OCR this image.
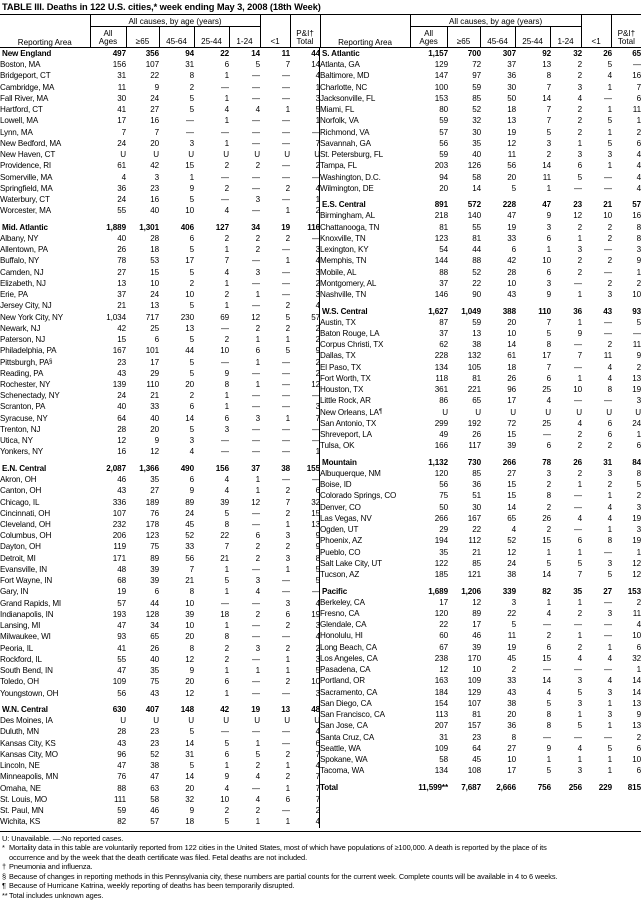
TABLE III. Deaths in 122 U.S. cities,* week ending May 3, 2008 (18th Week)
	All causes, by age (years)								All causes, by age (years)						
Reporting Area	All
Ages	≥65	45-64	25-44	1-24	<1	P&I†
Total	Reporting Area	All
Ages	≥65	45-64	25-44	1-24	<1	P&I†
Total
New England	497	356	94	22	14	11	44
Boston, MA	156	107	31	6	5	7	14
Bridgeport, CT	31	22	8	1	—	—	4
Cambridge, MA	11	9	2	—	—	—	1
Fall River, MA	30	24	5	1	—	—	3
Hartford, CT	41	27	5	4	4	1	5
Lowell, MA	17	16	—	1	—	—	1
Lynn, MA	7	7	—	—	—	—	—
New Bedford, MA	24	20	3	1	—	—	7
New Haven, CT	U	U	U	U	U	U	U
Providence, RI	61	42	15	2	2	—	2
Somerville, MA	4	3	1	—	—	—	—
Springfield, MA	36	23	9	2	—	2	4
Waterbury, CT	24	16	5	—	3	—	1
Worcester, MA	55	40	10	4	—	1	2

Mid. Atlantic	1,889	1,301	406	127	34	19	116
Albany, NY	40	28	6	2	2	2	—
Allentown, PA	26	18	5	1	2	—	3
Buffalo, NY	78	53	17	7	—	1	4
Camden, NJ	27	15	5	4	3	—	3
Elizabeth, NJ	13	10	2	1	—	—	2
Erie, PA	37	24	10	2	1	—	3
Jersey City, NJ	21	13	5	1	—	2	4
New York City, NY	1,034	717	230	69	12	5	57
Newark, NJ	42	25	13	—	2	2	2
Paterson, NJ	15	6	5	2	1	1	2
Philadelphia, PA	167	101	44	10	6	5	9
Pittsburgh, PA§	23	17	5	—	1	—	2
Reading, PA	43	29	5	9	—	—	2
Rochester, NY	139	110	20	8	1	—	12
Schenectady, NY	24	21	2	1	—	—	—
Scranton, PA	40	33	6	1	—	—	3
Syracuse, NY	64	40	14	6	3	1	7
Trenton, NJ	28	20	5	3	—	—	—
Utica, NY	12	9	3	—	—	—	—
Yonkers, NY	16	12	4	—	—	—	1

E.N. Central	2,087	1,366	490	156	37	38	155
Akron, OH	46	35	6	4	1	—	—
Canton, OH	43	27	9	4	1	2	6
Chicago, IL	336	189	89	39	12	7	32
Cincinnati, OH	107	76	24	5	—	2	15
Cleveland, OH	232	178	45	8	—	1	13
Columbus, OH	206	123	52	22	6	3	9
Dayton, OH	119	75	33	7	2	2	9
Detroit, MI	171	89	56	21	2	3	8
Evansville, IN	48	39	7	1	—	1	5
Fort Wayne, IN	68	39	21	5	3	—	5
Gary, IN	19	6	8	1	4	—	—
Grand Rapids, MI	57	44	10	—	—	3	4
Indianapolis, IN	193	128	39	18	2	6	19
Lansing, MI	47	34	10	1	—	2	3
Milwaukee, WI	93	65	20	8	—	—	4
Peoria, IL	41	26	8	2	3	2	2
Rockford, IL	55	40	12	2	—	1	3
South Bend, IN	47	35	9	1	1	1	5
Toledo, OH	109	75	20	6	—	2	10
Youngstown, OH	56	43	12	1	—	—	3

W.N. Central	630	407	148	42	19	13	48
Des Moines, IA	U	U	U	U	U	U	U
Duluth, MN	28	23	5	—	—	—	4
Kansas City, KS	43	23	14	5	1	—	6
Kansas City, MO	96	52	31	6	5	2	7
Lincoln, NE	47	38	5	1	2	1	4
Minneapolis, MN	76	47	14	9	4	2	7
Omaha, NE	88	63	20	4	—	1	7
St. Louis, MO	111	58	32	10	4	6	7
St. Paul, MN	59	46	9	2	2	—	2
Wichita, KS	82	57	18	5	1	1	4
S. Atlantic	1,157	700	307	92	32	26	65
Atlanta, GA	129	72	37	13	2	5	—
Baltimore, MD	147	97	36	8	2	4	16
Charlotte, NC	100	59	30	7	3	1	7
Jacksonville, FL	153	85	50	14	4	—	6
Miami, FL	80	52	18	7	2	1	11
Norfolk, VA	59	32	13	7	2	5	1
Richmond, VA	57	30	19	5	2	1	2
Savannah, GA	56	35	12	3	1	5	6
St. Petersburg, FL	59	40	11	2	3	3	4
Tampa, FL	203	126	56	14	6	1	4
Washington, D.C.	94	58	20	11	5	—	4
Wilmington, DE	20	14	5	1	—	—	4

E.S. Central	891	572	228	47	23	21	57
Birmingham, AL	218	140	47	9	12	10	16
Chattanooga, TN	81	55	19	3	2	2	8
Knoxville, TN	123	81	33	6	1	2	8
Lexington, KY	54	44	6	1	3	—	3
Memphis, TN	144	88	42	10	2	2	9
Mobile, AL	88	52	28	6	2	—	1
Montgomery, AL	37	22	10	3	—	2	2
Nashville, TN	146	90	43	9	1	3	10

W.S. Central	1,627	1,049	388	110	36	43	93
Austin, TX	87	59	20	7	1	—	5
Baton Rouge, LA	37	13	10	5	9	—	—
Corpus Christi, TX	62	38	14	8	—	2	11
Dallas, TX	228	132	61	17	7	11	9
El Paso, TX	134	105	18	7	—	4	2
Fort Worth, TX	118	81	26	6	1	4	13
Houston, TX	361	221	96	25	10	8	19
Little Rock, AR	86	65	17	4	—	—	3
New Orleans, LA¶	U	U	U	U	U	U	U
San Antonio, TX	299	192	72	25	4	6	24
Shreveport, LA	49	26	15	—	2	6	1
Tulsa, OK	166	117	39	6	2	2	6

Mountain	1,132	730	266	78	26	31	84
Albuquerque, NM	120	85	27	3	2	3	8
Boise, ID	56	36	15	2	1	2	5
Colorado Springs, CO	75	51	15	8	—	1	2
Denver, CO	50	30	14	2	—	4	3
Las Vegas, NV	266	167	65	26	4	4	19
Ogden, UT	29	22	4	2	—	1	3
Phoenix, AZ	194	112	52	15	6	8	19
Pueblo, CO	35	21	12	1	1	—	1
Salt Lake City, UT	122	85	24	5	5	3	12
Tucson, AZ	185	121	38	14	7	5	12

Pacific	1,689	1,206	339	82	35	27	153
Berkeley, CA	17	12	3	1	1	—	2
Fresno, CA	120	89	22	4	2	3	11
Glendale, CA	22	17	5	—	—	—	4
Honolulu, HI	60	46	11	2	1	—	10
Long Beach, CA	67	39	19	6	2	1	6
Los Angeles, CA	238	170	45	15	4	4	32
Pasadena, CA	12	10	2	—	—	—	1
Portland, OR	163	109	33	14	3	4	14
Sacramento, CA	184	129	43	4	5	3	14
San Diego, CA	154	107	38	5	3	1	13
San Francisco, CA	113	81	20	8	1	3	9
San Jose, CA	207	157	36	8	5	1	13
Santa Cruz, CA	31	23	8	—	—	—	2
Seattle, WA	109	64	27	9	4	5	6
Spokane, WA	58	45	10	1	1	1	10
Tacoma, WA	134	108	17	5	3	1	6

Total	11,599**	7,687	2,666	756	256	229	815
U: Unavailable. —:No reported cases.
* Mortality data in this table are voluntarily reported from 122 cities in the United States, most of which have populations of ≥100,000. A death is reported by the place of its
occurrence and by the week that the death certificate was filed. Fetal deaths are not included.
† Pneumonia and influenza.
§ Because of changes in reporting methods in this Pennsylvania city, these numbers are partial counts for the current week. Complete counts will be available in 4 to 6 weeks.
¶ Because of Hurricane Katrina, weekly reporting of deaths has been temporarily disrupted.
**Total includes unknown ages.
